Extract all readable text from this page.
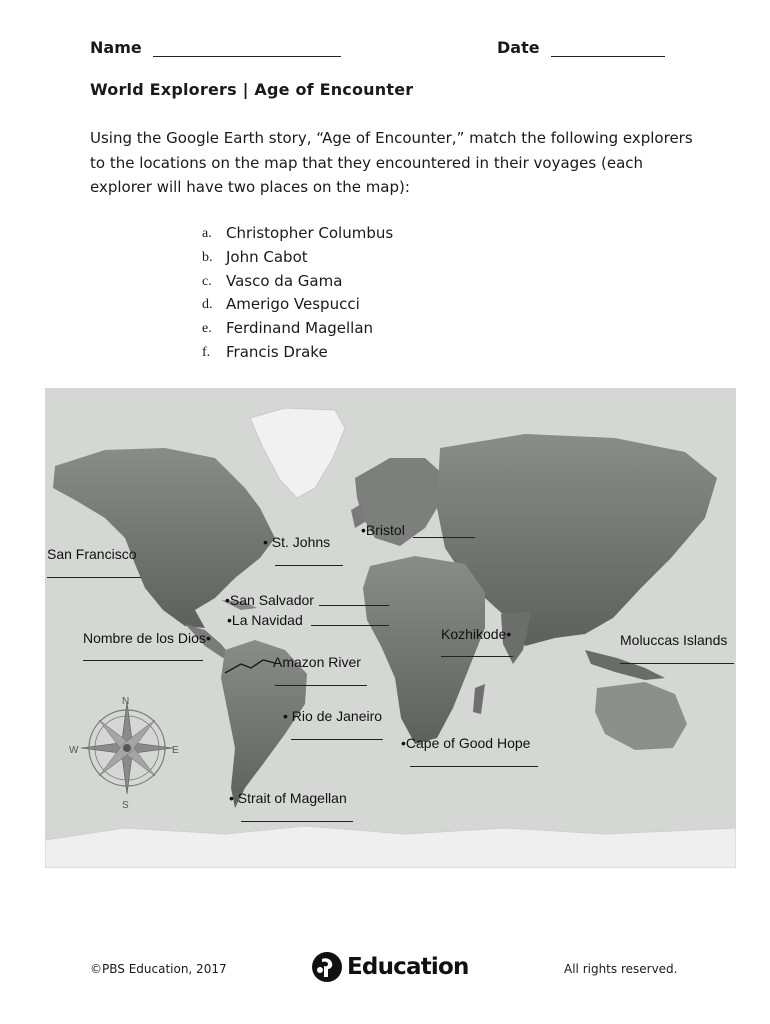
Name	Date
World Explorers | Age of Encounter

Using the Google Earth story, “Age of Encounter,” match the following explorers to the locations on the map that they encountered in their voyages (each explorer will have two places on the map):

a. Christopher Columbus
b. John Cabot
c. Vasco da Gama
d. Amerigo Vespucci
e. Ferdinand Magellan
f.	Francis Drake
N
S
E
W
•Bristol
• St. Johns
San Francisco
•San Salvador
•La Navidad
Nombre de los Dios•
Amazon River
Kozhikode•	Moluccas Islands
• Rio de Janeiro
•Cape of Good Hope
• Strait of Magellan
©PBS Education, 2017	Education	All rights reserved.
